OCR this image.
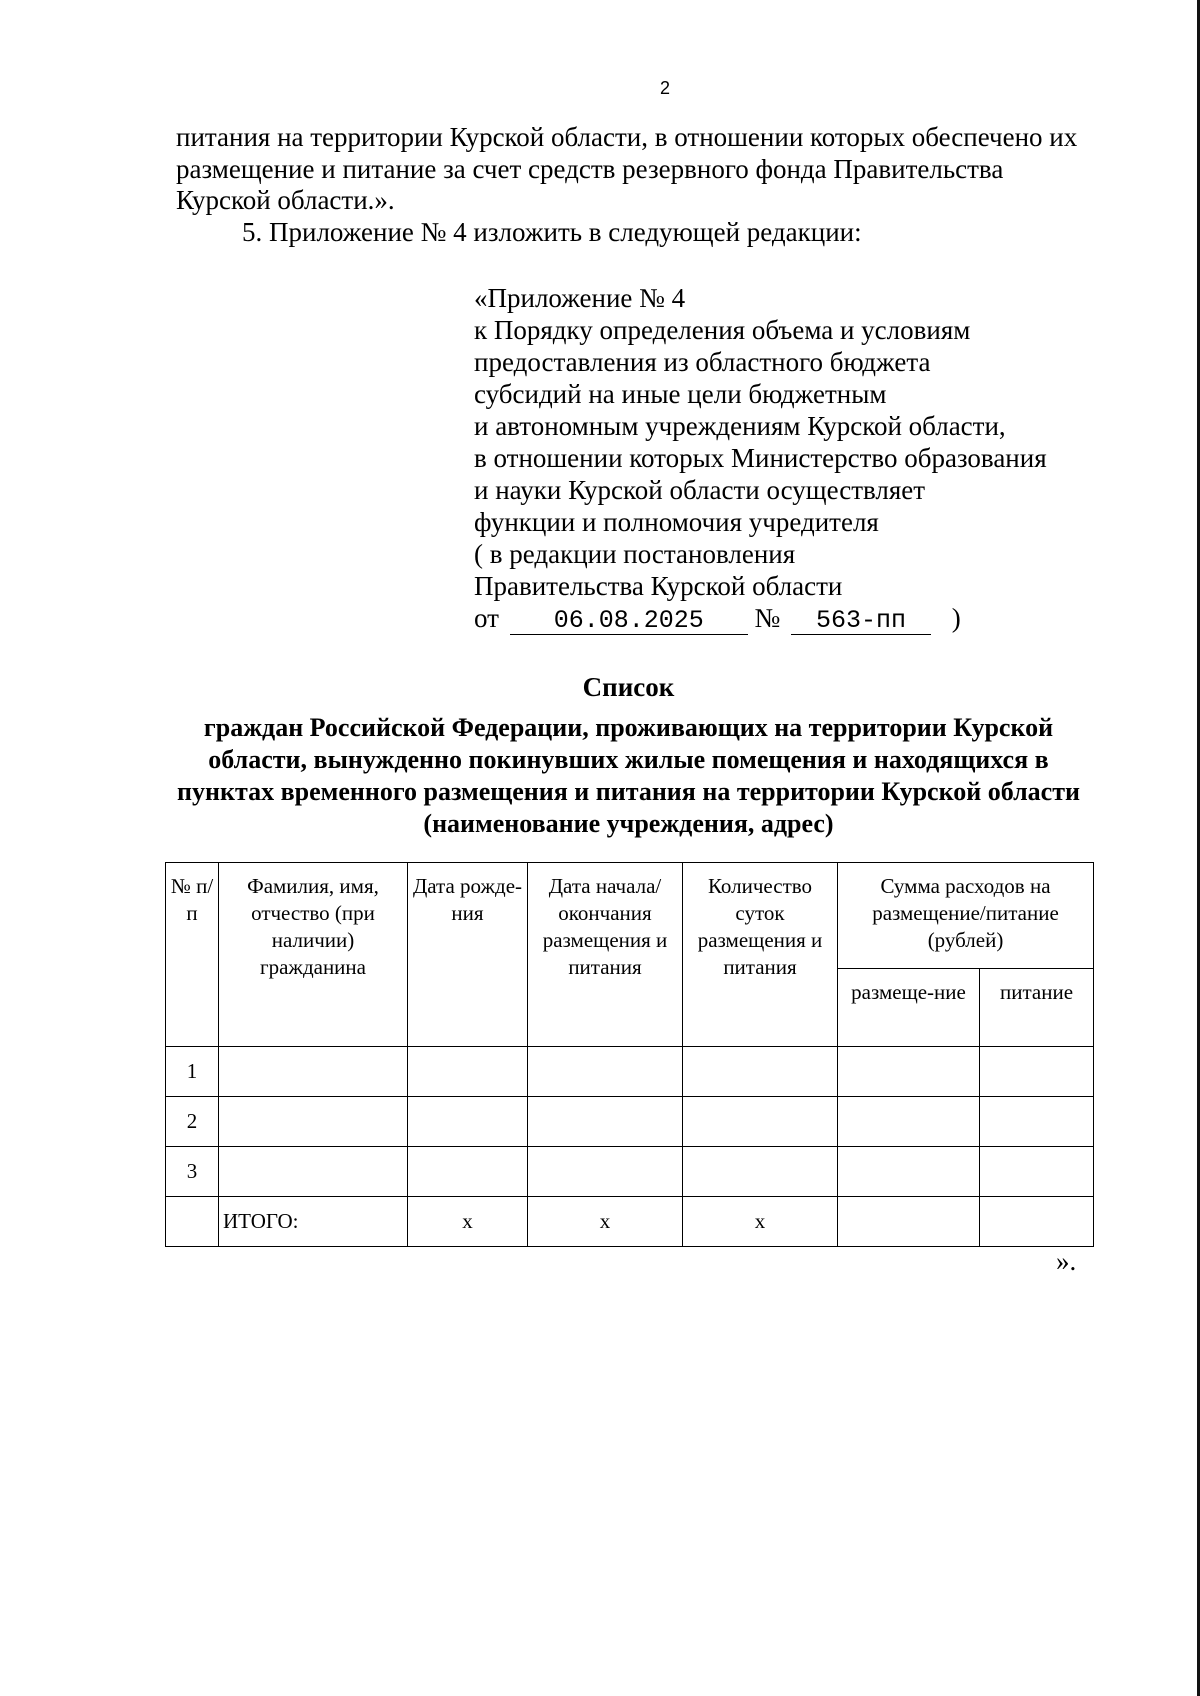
2
питания на территории Курской области, в отношении которых обеспечено их размещение и питание за счет средств резервного фонда Правительства Курской области.».
5. Приложение № 4 изложить в следующей редакции:
«Приложение № 4
к Порядку определения объема и условиям
предоставления из областного бюджета
субсидий на иные цели бюджетным
и автономным учреждениям Курской области,
в отношении которых Министерство образования
и науки Курской области осуществляет
функции и полномочия учредителя
( в редакции постановления
Правительства Курской области
от 06.08.2025 № 563-пп )
Список
граждан Российской Федерации, проживающих на территории Курской области, вынужденно покинувших жилые помещения и находящихся в пунктах временного размещения и питания на территории Курской области (наименование учреждения, адрес)
№ п/п	Фамилия, имя, отчество (при наличии) гражданина	Дата рожде-ния	Дата начала/ окончания размещения и питания	Количество суток размещения и питания	Сумма расходов на размещение/питание (рублей)	
					размеще-ние	питание
1						
2						
3						
	ИТОГО:	х	х	х		
».
